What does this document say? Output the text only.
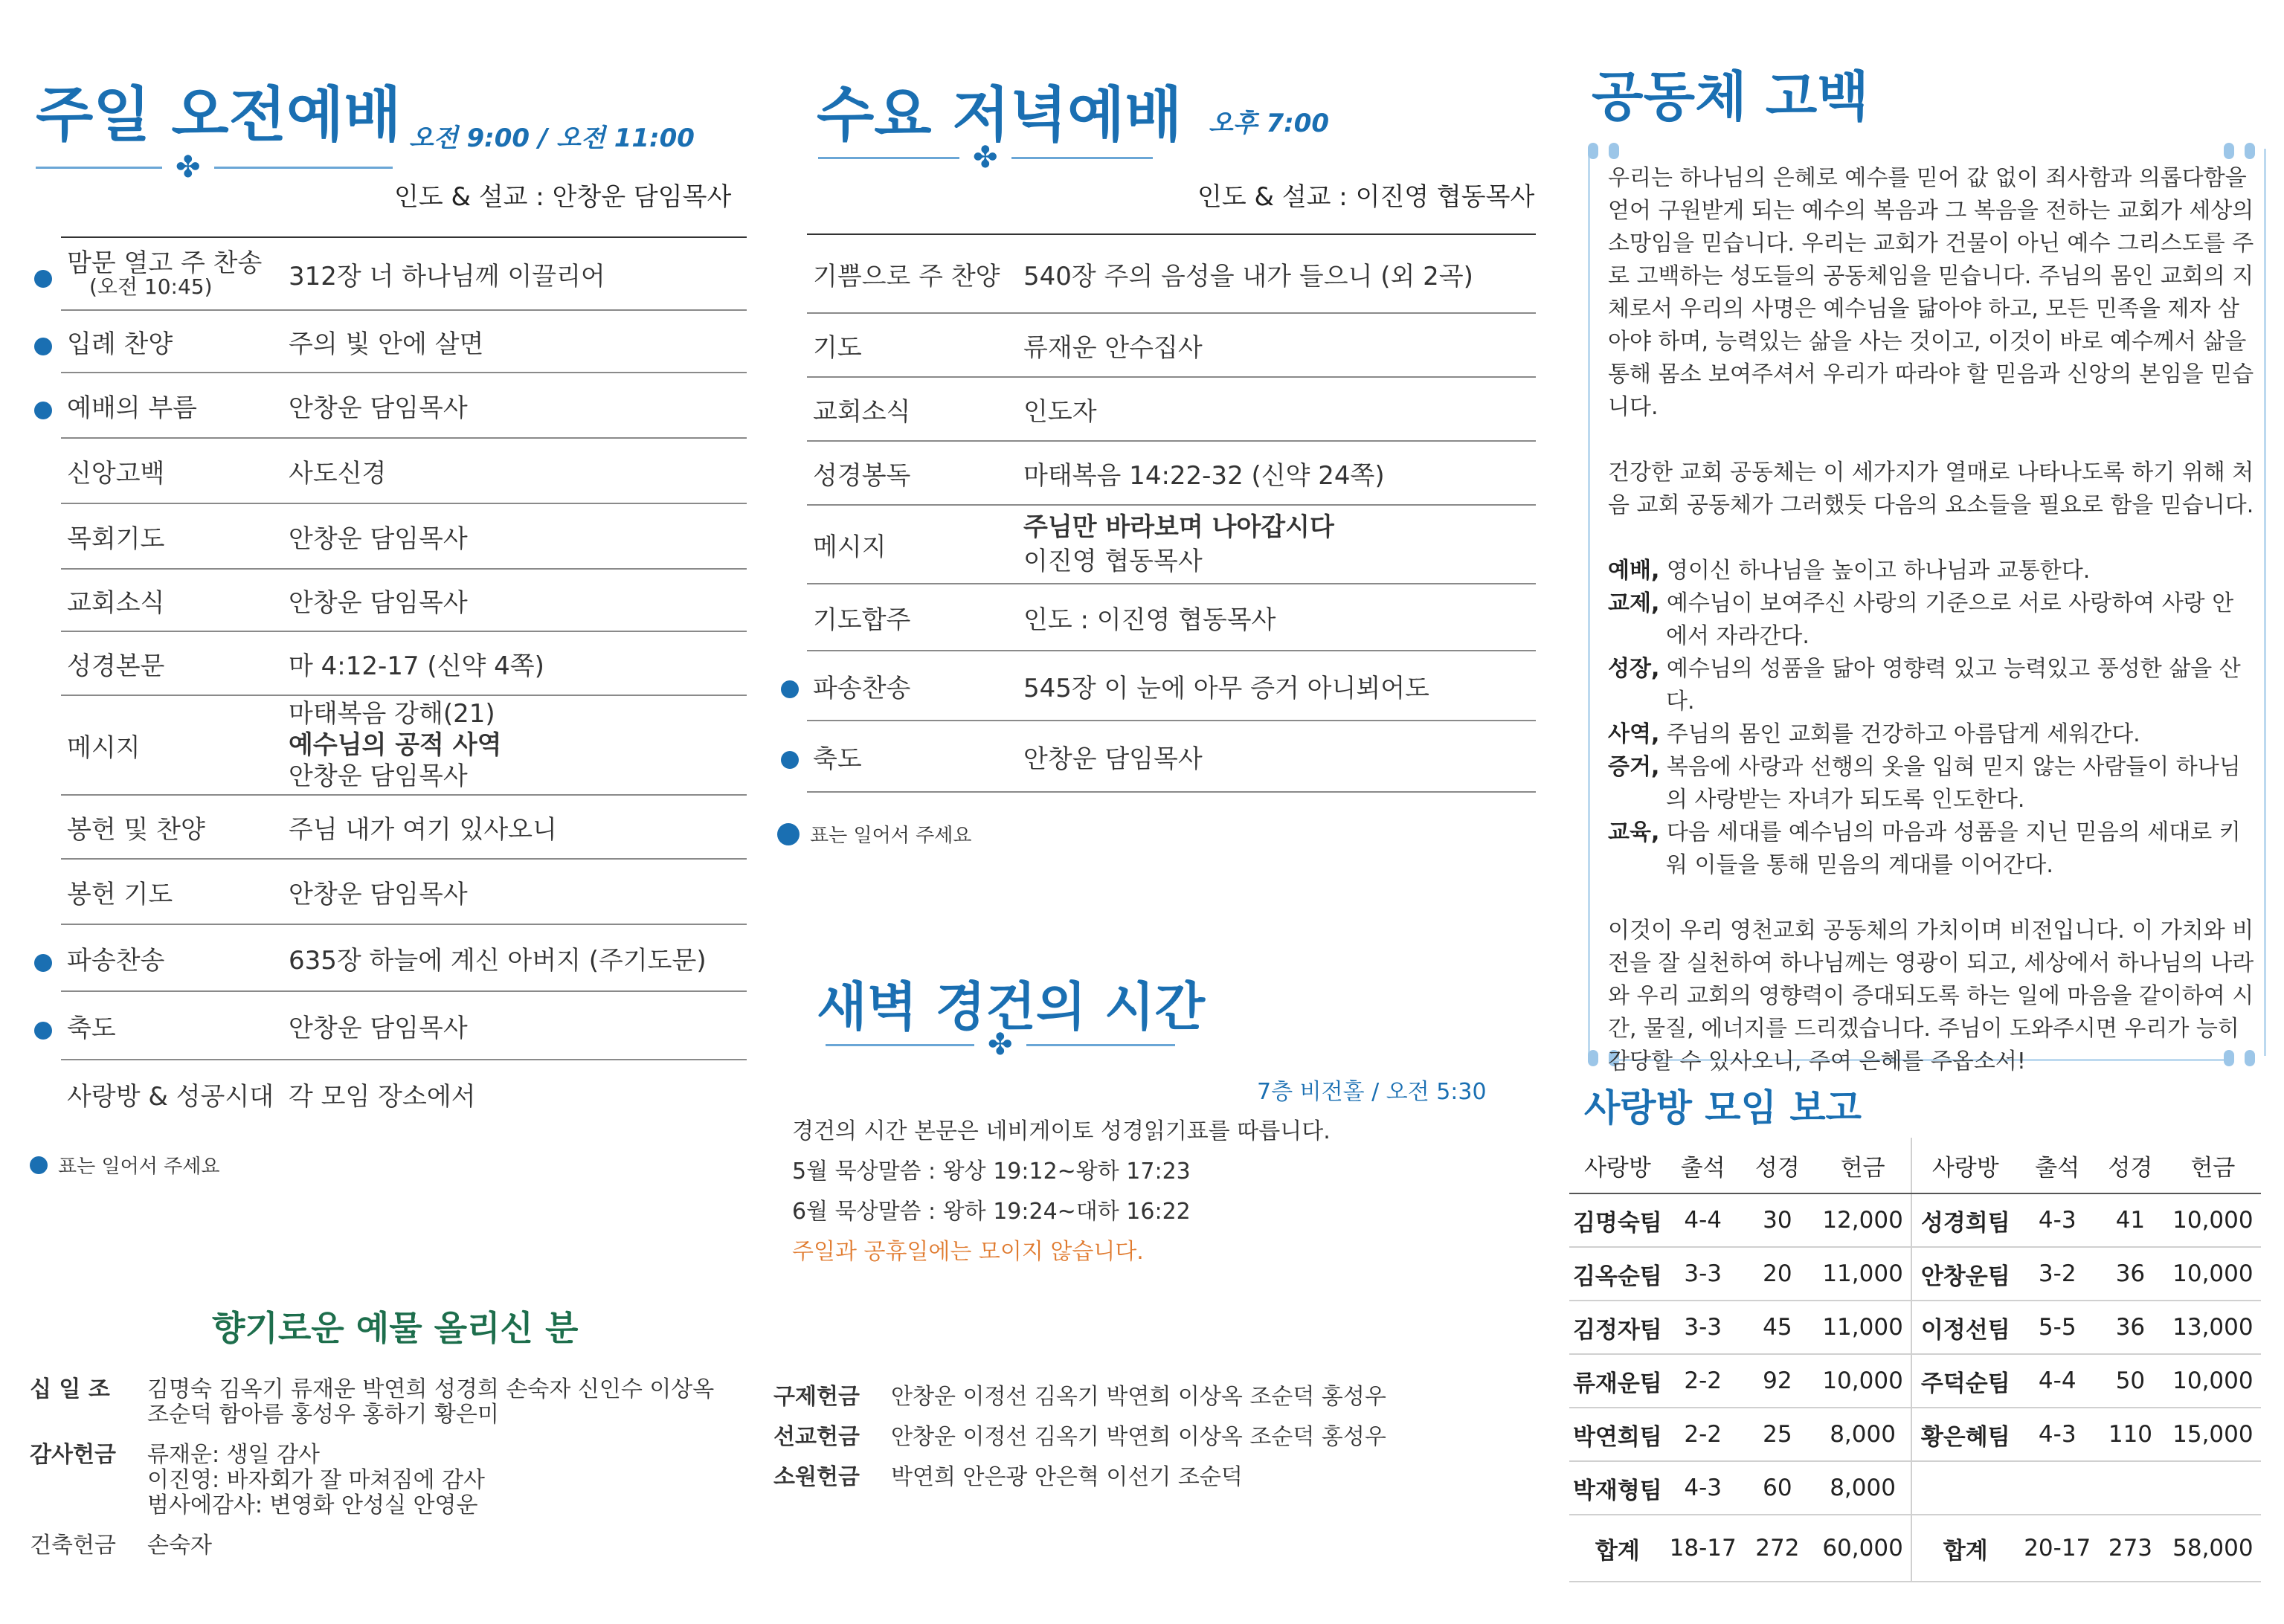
주일 오전예배 오전 9:00 / 오전 11:00
✤
인도 & 설교 : 안창운 담임목사
맘문 열고 주 찬송
(오전 10:45)	312장 너 하나님께 이끌리어

입례 찬양	주의 빛 안에 살면

예배의 부름	안창운 담임목사

신앙고백	사도신경

목회기도	안창운 담임목사

교회소식	안창운 담임목사

성경본문	마 4:12-17 (신약 4쪽)

메시지	마태복음 강해(21)
예수님의 공적 사역
안창운 담임목사

봉헌 및 찬양	주님 내가 여기 있사오니

봉헌 기도	안창운 담임목사

파송찬송	635장 하늘에 계신 아버지 (주기도문)

축도	안창운 담임목사

사랑방 & 성공시대	각 모임 장소에서
표는 일어서 주세요
수요 저녁예배 오후 7:00
✤
인도 & 설교 : 이진영 협동목사
기쁨으로 주 찬양	540장 주의 음성을 내가 들으니 (외 2곡)

기도	류재운 안수집사

교회소식	인도자

성경봉독	마태복음 14:22-32 (신약 24쪽)

메시지	주님만 바라보며 나아갑시다
이진영 협동목사

기도합주	인도 : 이진영 협동목사

파송찬송	545장 이 눈에 아무 증거 아니뵈어도

축도	안창운 담임목사
표는 일어서 주세요
새벽 경건의 시간
✤
7층 비전홀 / 오전 5:30
경건의 시간 본문은 네비게이토 성경읽기표를 따릅니다.
5월 묵상말씀 : 왕상 19:12~왕하 17:23
6월 묵상말씀 : 왕하 19:24~대하 16:22
주일과 공휴일에는 모이지 않습니다.
향기로운 예물 올리신 분
십 일 조	김명숙 김옥기 류재운 박연희 성경희 손숙자 신인수 이상옥
조순덕 함아름 홍성우 홍하기 황은미
감사헌금	류재운: 생일 감사
이진영: 바자회가 잘 마쳐짐에 감사
범사에감사: 변영화 안성실 안영운
건축헌금	손숙자
구제헌금	안창운 이정선 김옥기 박연희 이상옥 조순덕 홍성우
선교헌금	안창운 이정선 김옥기 박연희 이상옥 조순덕 홍성우
소원헌금	박연희 안은광 안은혁 이선기 조순덕
공동체 고백

우리는 하나님의 은혜로 예수를 믿어 값 없이 죄사함과 의롭다함을 얻어 구원받게 되는 예수의 복음과 그 복음을 전하는 교회가 세상의 소망임을 믿습니다. 우리는 교회가 건물이 아닌 예수 그리스도를 주로 고백하는 성도들의 공동체임을 믿습니다. 주님의 몸인 교회의 지체로서 우리의 사명은 예수님을 닮아야 하고, 모든 민족을 제자 삼아야 하며, 능력있는 삶을 사는 것이고, 이것이 바로 예수께서 삶을 통해 몸소 보여주셔서 우리가 따라야 할 믿음과 신앙의 본임을 믿습니다.

건강한 교회 공동체는 이 세가지가 열매로 나타나도록 하기 위해 처음 교회 공동체가 그러했듯 다음의 요소들을 필요로 함을 믿습니다.

예배, 영이신 하나님을 높이고 하나님과 교통한다.
교제, 예수님이 보여주신 사랑의 기준으로 서로 사랑하여 사랑 안에서 자라간다.
성장, 예수님의 성품을 닮아 영향력 있고 능력있고 풍성한 삶을 산다.
사역, 주님의 몸인 교회를 건강하고 아름답게 세워간다.
증거, 복음에 사랑과 선행의 옷을 입혀 믿지 않는 사람들이 하나님의 사랑받는 자녀가 되도록 인도한다.
교육, 다음 세대를 예수님의 마음과 성품을 지닌 믿음의 세대로 키워 이들을 통해 믿음의 계대를 이어간다.

이것이 우리 영천교회 공동체의 가치이며 비전입니다. 이 가치와 비전을 잘 실천하여 하나님께는 영광이 되고, 세상에서 하나님의 나라와 우리 교회의 영향력이 증대되도록 하는 일에 마음을 같이하여 시간, 물질, 에너지를 드리겠습니다. 주님이 도와주시면 우리가 능히 감당할 수 있사오니, 주여 은혜를 주옵소서!

사랑방 모임 보고
사랑방	출석	성경	헌금	사랑방	출석	성경	헌금
김명숙팀	4-4	30	12,000	성경희팀	4-3	41	10,000
김옥순팀	3-3	20	11,000	안창운팀	3-2	36	10,000
김정자팀	3-3	45	11,000	이정선팀	5-5	36	13,000
류재운팀	2-2	92	10,000	주덕순팀	4-4	50	10,000
박연희팀	2-2	25	8,000	황은혜팀	4-3	110	15,000
박재형팀	4-3	60	8,000				
합계	18-17	272	60,000	합계	20-17	273	58,000
